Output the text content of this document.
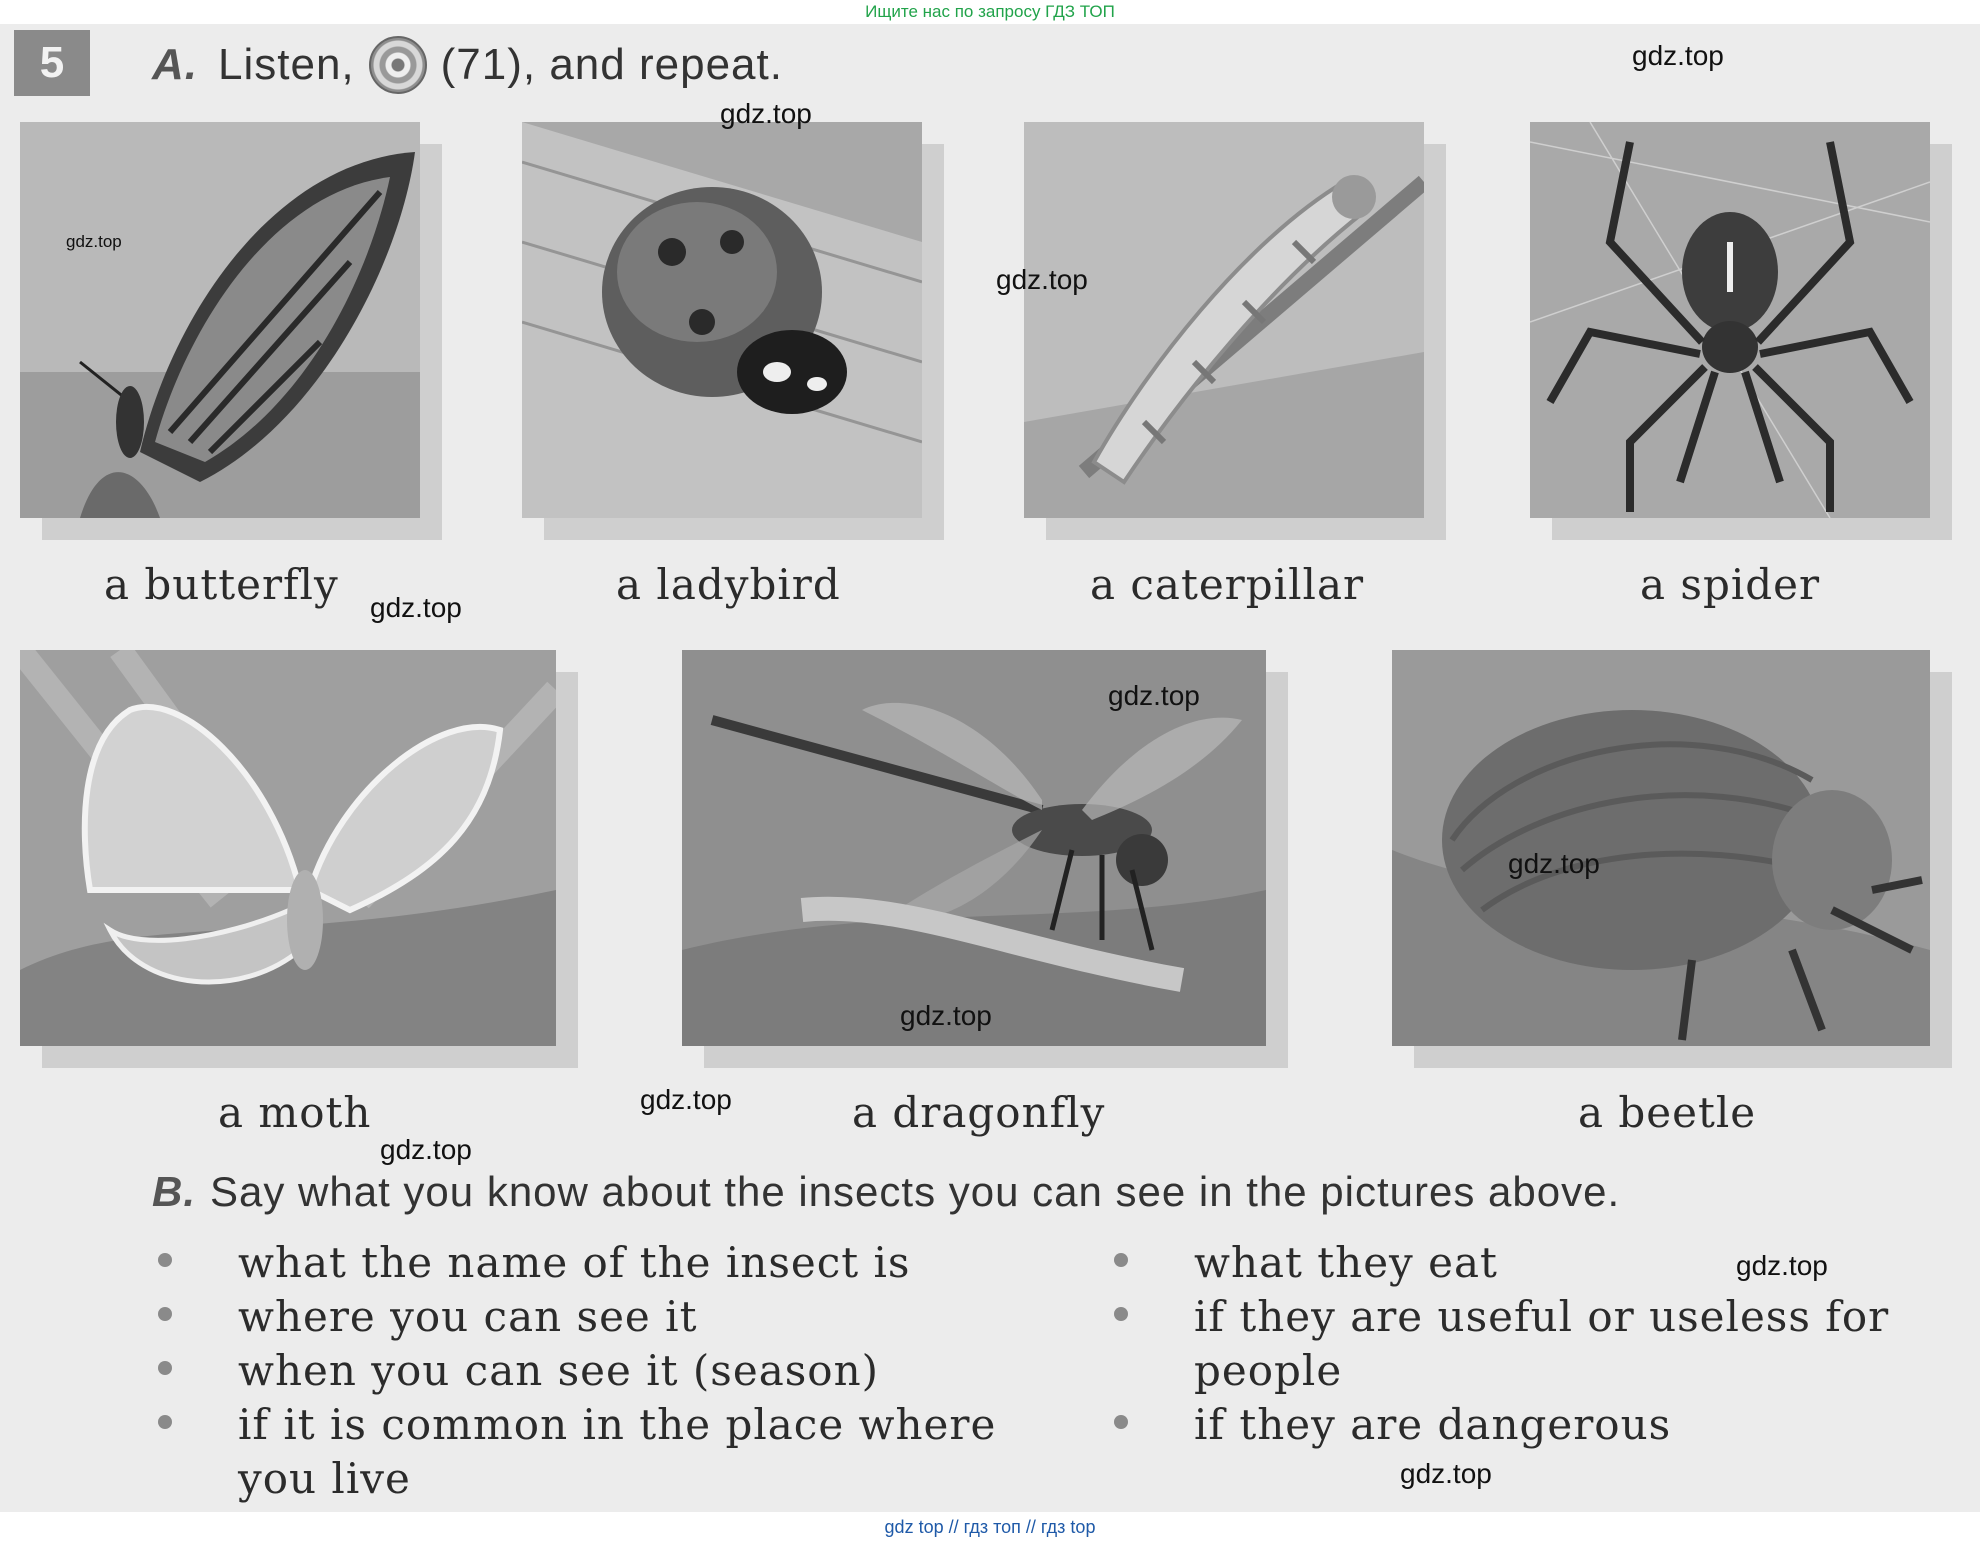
Ищите нас по запросу ГДЗ ТОП
5	A. Listen, (71), and repeat.
a butterfly	a ladybird	a caterpillar	a spider
a moth	a dragonfly	a beetle
B. Say what you know about the insects you can see in the pictures above.
what the name of the insect is
where you can see it
when you can see it (season)
if it is common in the place where you live
what they eat
if they are useful or useless for people
if they are dangerous
gdz.top
gdz.top
gdz.top
gdz.top
gdz.top
gdz.top
gdz.top
gdz.top
gdz.top
gdz.top
gdz.top
gdz.top
gdz top // гдз топ // гдз top
